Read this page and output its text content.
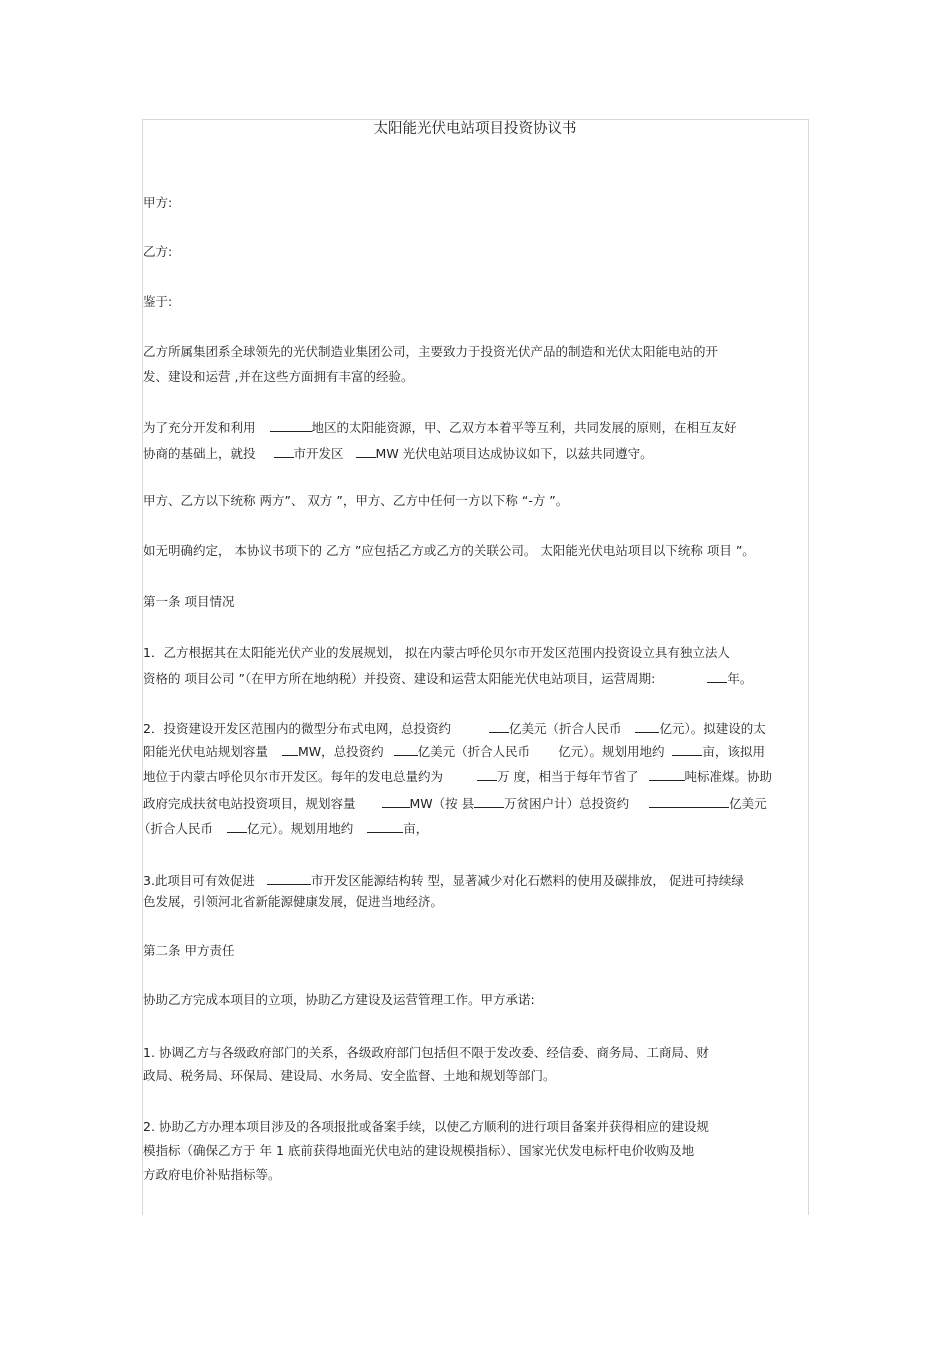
太阳能光伏电站项目投资协议书
甲方:
乙方:
鉴于:
乙方所属集团系全球领先的光伏制造业集团公司，主要致力于投资光伏产品的制造和光伏太阳能电站的开
发、建设和运营 ,并在这些方面拥有丰富的经验。
为了充分开发和利用	地区的太阳能资源，甲、乙双方本着平等互利，共同发展的原则，在相互友好
协商的基础上，就投	市开发区	MW 光伏电站项目达成协议如下，以兹共同遵守。
甲方、乙方以下统称 两方”、 双方 ”，甲方、乙方中任何一方以下称 “-方 ”。
如无明确约定， 本协议书项下的 乙方 ”应包括乙方或乙方的关联公司。 太阳能光伏电站项目以下统称 项目 ”。
第一条 项目情况
1．乙方根据其在太阳能光伏产业的发展规划， 拟在内蒙古呼伦贝尔市开发区范围内投资设立具有独立法人
资格的 项目公司 ”（在甲方所在地纳税）并投资、建设和运营太阳能光伏电站项目，运营周期:	年。
2．投资建设开发区范围内的微型分布式电网，总投资约	亿美元（折合人民币	亿元）。拟建设的太
阳能光伏电站规划容量 MW，总投资约	亿美元（折合人民币 亿元）。规划用地约	亩，该拟用
地位于内蒙古呼伦贝尔市开发区。每年的发电总量约为	万 度，相当于每年节省了	吨标准煤。协助
政府完成扶贫电站投资项目，规划容量	MW（按 县 万贫困户计）总投资约	亿美元
（折合人民币	亿元）。规划用地约	亩，
3.此项目可有效促进	市开发区能源结构转 型，显著减少对化石燃料的使用及碳排放， 促进可持续绿
色发展，引领河北省新能源健康发展，促进当地经济。
第二条 甲方责任
协助乙方完成本项目的立项，协助乙方建设及运营管理工作。甲方承诺:
1. 协调乙方与各级政府部门的关系，各级政府部门包括但不限于发改委、经信委、商务局、工商局、财
政局、税务局、环保局、建设局、水务局、安全监督、土地和规划等部门。
2. 协助乙方办理本项目涉及的各项报批或备案手续，以使乙方顺利的进行项目备案并获得相应的建设规
模指标（确保乙方于 年 1 底前获得地面光伏电站的建设规模指标）、国家光伏发电标杆电价收购及地
方政府电价补贴指标等。
